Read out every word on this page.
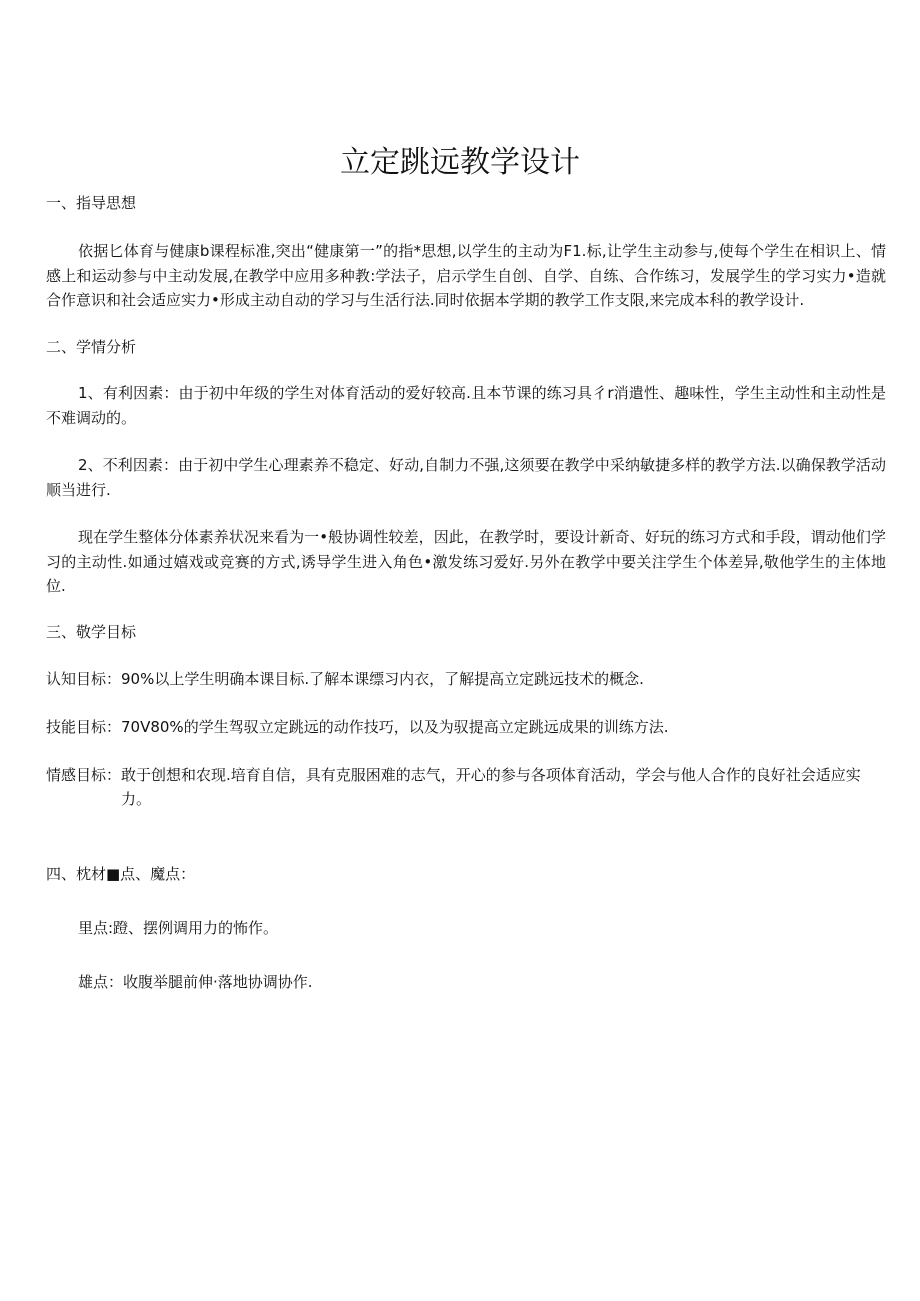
立定跳远教学设计
一、指导思想
依据匕体育与健康b课程标准,突出“健康第一”的指*思想,以学生的主动为F1.标,让学生主动参与,使每个学生在相识上、情感上和运动参与中主动发展,在教学中应用多种教:学法子，启示学生自创、自学、自练、合作练习，发展学生的学习实力•造就合作意识和社会适应实力•形成主动自动的学习与生活行法.同时依据本学期的教学工作支限,来完成本科的教学设计.
二、学情分析
1、有利因素：由于初中年级的学生对体育活动的爱好较高.且本节课的练习具彳r消遣性、趣味性，学生主动性和主动性是不难调动的。
2、不利因素：由于初中学生心理素养不稳定、好动,自制力不强,这须要在教学中采纳敏捷多样的教学方法.以确保教学活动顺当进行.
现在学生整体分体素养状况来看为一•般协调性较差，因此，在教学时，要设计新奇、好玩的练习方式和手段，谓动他们学习的主动性.如通过嬉戏或竞赛的方式,诱导学生进入角色•激发练习爱好.另外在教学中要关注学生个体差异,敬他学生的主体地位.
三、敬学目标
认知目标：90%以上学生明确本课目标.了解本课缥习内衣，了解提高立定跳远技术的概念.
技能目标：70V80%的学生驾驭立定跳远的动作技巧，以及为驭提高立定跳远成果的训练方法.
情感目标：敢于创想和农现.培育自信，具有克服困难的志气，开心的参与各项体育活动，学会与他人合作的良好社会适应实力。
四、枕材■点、魔点：
里点:蹬、摆例调用力的怖作。
雄点：收腹举腿前伸·落地协调协作.
